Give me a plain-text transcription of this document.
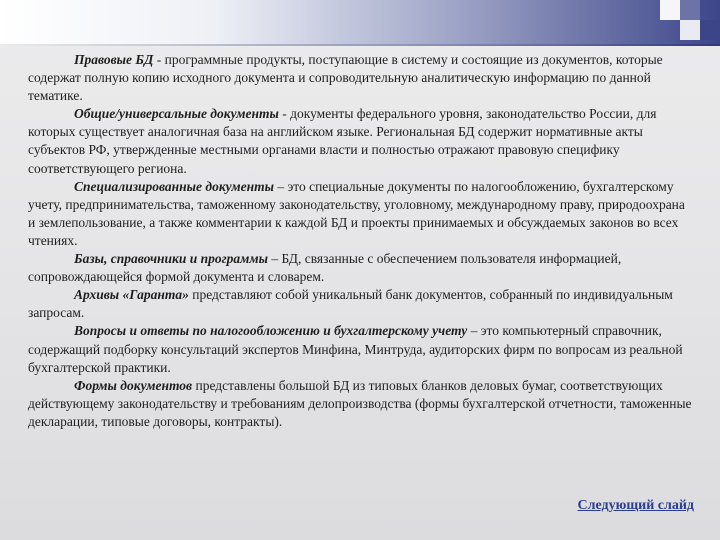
Правовые БД - программные продукты, поступающие в систему и состоящие из документов, которые содержат полную копию исходного документа и сопроводительную аналитическую информацию по данной тематике.

Общие/универсальные документы - документы федерального уровня, законодательство России, для которых существует аналогичная база на английском языке. Региональная БД содержит нормативные акты субъектов РФ, утвержденные местными органами власти и полностью отражают правовую специфику соответствующего региона.

Специализированные документы – это специальные документы по налогообложению, бухгалтерскому учету, предпринимательства, таможенному законодательству, уголовному, международному праву, природоохрана и землепользование, а также комментарии к каждой БД и проекты принимаемых и обсуждаемых законов во всех чтениях.

Базы, справочники и программы – БД, связанные с обеспечением пользователя информацией, сопровождающейся формой документа и словарем.

Архивы «Гаранта» представляют собой уникальный банк документов, собранный по индивидуальным запросам.

Вопросы и ответы по налогообложению и бухгалтерскому учету – это компьютерный справочник, содержащий подборку консультаций экспертов Минфина, Минтруда, аудиторских фирм по вопросам из реальной бухгалтерской практики.

Формы документов представлены большой БД из типовых бланков деловых бумаг, соответствующих действующему законодательству и требованиям делопроизводства (формы бухгалтерской отчетности, таможенные декларации, типовые договоры, контракты).

Следующий слайд
